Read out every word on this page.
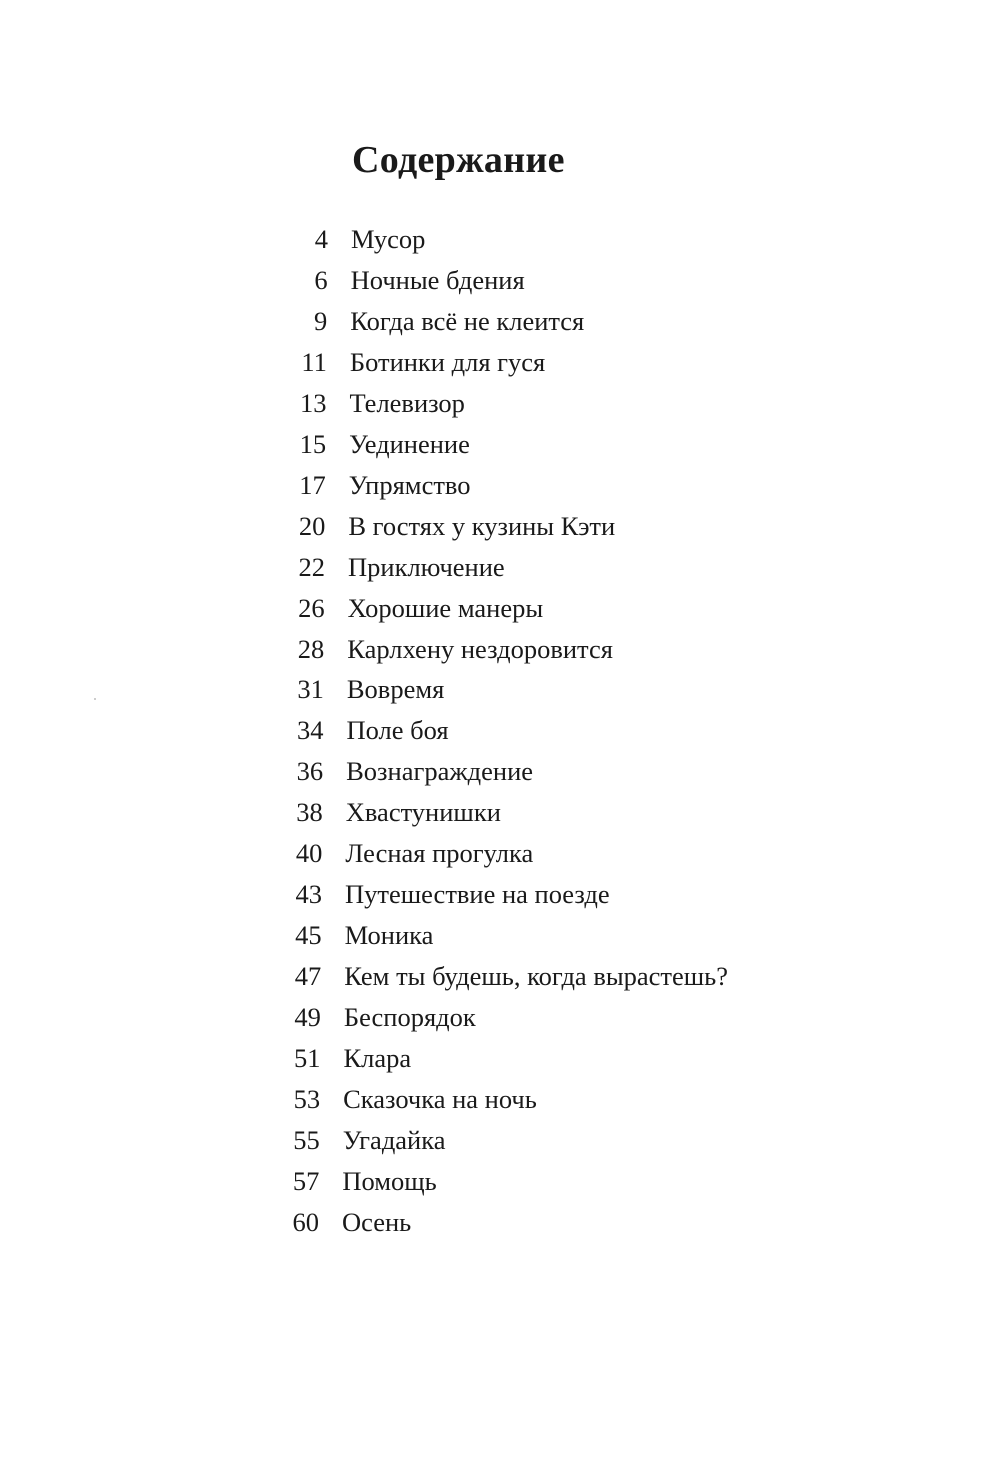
Содержание
4 Мусор
6 Ночные бдения
9 Когда всё не клеится
11 Ботинки для гуся
13 Телевизор
15 Уединение
17 Упрямство
20 В гостях у кузины Кэти
22 Приключение
26 Хорошие манеры
28 Карлхену нездоровится
31 Вовремя
34 Поле боя
36 Вознаграждение
38 Хвастунишки
40 Лесная прогулка
43 Путешествие на поезде
45 Моника
47 Кем ты будешь, когда вырастешь?
49 Беспорядок
51 Клара
53 Сказочка на ночь
55 Угадайка
57 Помощь
60 Осень
